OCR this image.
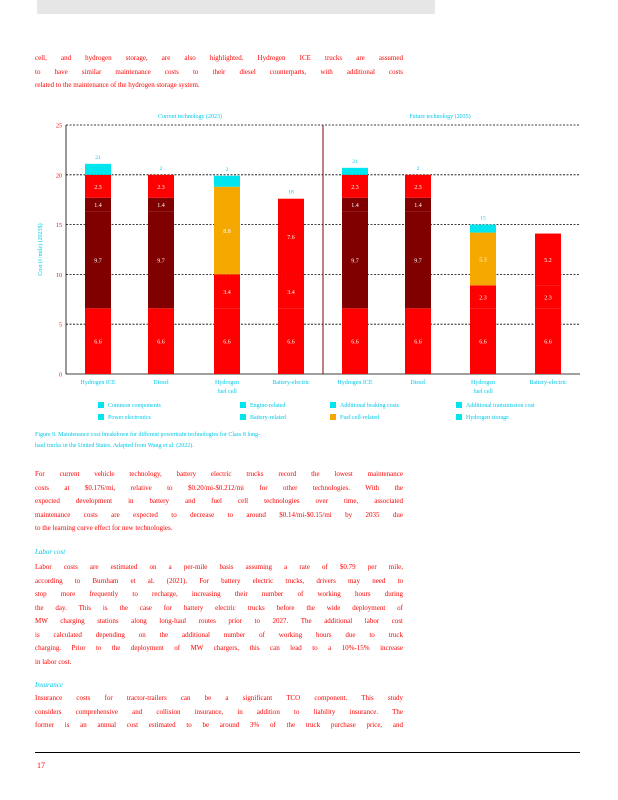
cell, and hydrogen storage, are also highlighted. Hydrogen ICE trucks are assumed
to have similar maintenance costs to their diesel counterparts, with additional costs
related to the maintenance of the hydrogen storage system.
0
5
10
15
20
25
Cost (¢/mile) (2023$)
Current technology (2023)
6.6
9.7
1.4
2.3
21
Hydrogen ICE
6.6
9.7
1.4
2.3
2
Diesel
6.6
3.4
8.8
2
Hydrogen
fuel cell
6.6
3.4
7.6
18
Battery-electric
Future technology (2035)
6.6
9.7
1.4
2.3
21
Hydrogen ICE
6.6
9.7
1.4
2.3
2
Diesel
6.6
2.3
5.3
15
Hydrogen
fuel cell
6.6
2.3
5.2
Battery-electric
Common components	Engine-related	Additional braking costs	Additional transmission cost
Power electronics	Battery-related	Fuel cell-related	Hydrogen storage
Figure 9. Maintenance cost breakdown for different powertrain technologies for Class 8 long-
haul trucks in the United States. Adapted from Wang et al. (2022).
For current vehicle technology, battery electric trucks record the lowest maintenance
costs at $0.176/mi, relative to $0.20/mi-$0.212/mi for other technologies. With the
expected development in battery and fuel cell technologies over time, associated
maintenance costs are expected to decrease to around $0.14/mi-$0.15/mi by 2035 due
to the learning curve effect for new technologies.
Labor cost
Labor costs are estimated on a per-mile basis assuming a rate of $0.79 per mile,
according to Burnham et al. (2021). For battery electric trucks, drivers may need to
stop more frequently to recharge, increasing their number of working hours during
the day. This is the case for battery electric trucks before the wide deployment of
MW charging stations along long-haul routes prior to 2027. The additional labor cost
is calculated depending on the additional number of working hours due to truck
charging. Prior to the deployment of MW chargers, this can lead to a 10%-15% increase
in labor cost.
Insurance
Insurance costs for tractor-trailers can be a significant TCO component. This study
considers comprehensive and collision insurance, in addition to liability insurance. The
former is an annual cost estimated to be around 3% of the truck purchase price, and
17
